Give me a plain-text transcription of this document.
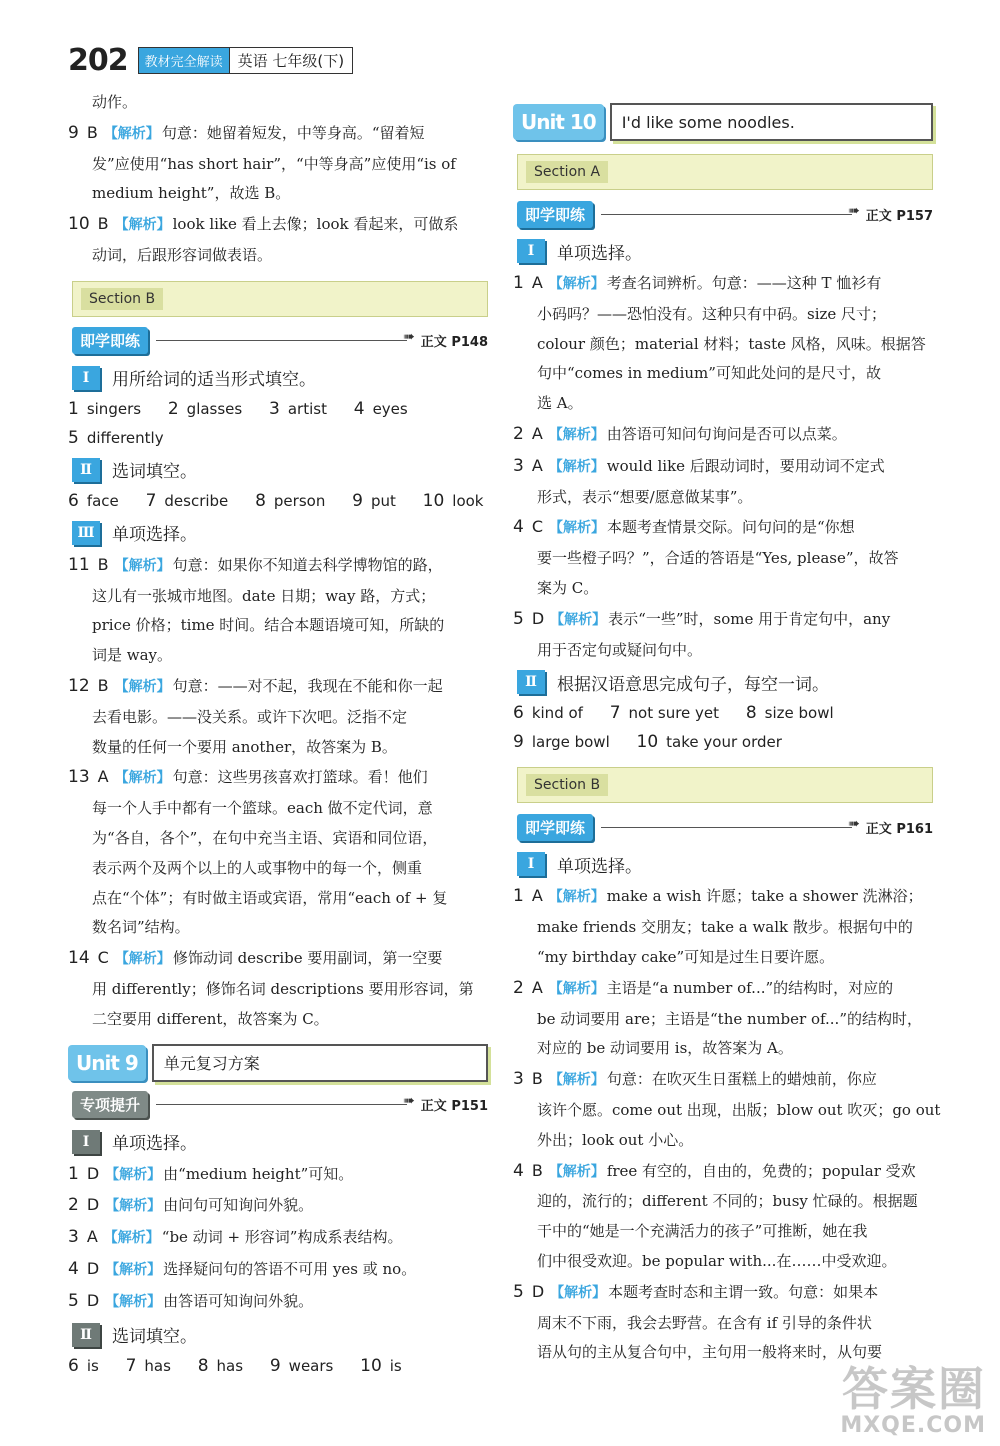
202	教材完全解读	英语 七年级(下)
动作。
9 B 【解析】 句意：她留着短发，中等身高。“留着短
发”应使用“has short hair”，“中等身高”应使用“is of
medium height”，故选 B。
10 B 【解析】 look like 看上去像；look 看起来，可做系
动词，后跟形容词做表语。
Section B
即学即练 ➠	正文 P148
Ⅰ	用所给词的适当形式填空。
1 singers 2 glasses 3 artist 4 eyes
5 differently
Ⅱ	选词填空。
6 face 7 describe 8 person 9 put 10 look
Ⅲ	单项选择。
11 B 【解析】 句意：如果你不知道去科学博物馆的路，
这儿有一张城市地图。date 日期；way 路，方式；
price 价格；time 时间。结合本题语境可知，所缺的
词是 way。
12 B 【解析】 句意：——对不起，我现在不能和你一起
去看电影。——没关系。或许下次吧。泛指不定
数量的任何一个要用 another，故答案为 B。
13 A 【解析】 句意：这些男孩喜欢打篮球。看！他们
每一个人手中都有一个篮球。each 做不定代词，意
为“各自，各个”，在句中充当主语、宾语和同位语，
表示两个及两个以上的人或事物中的每一个，侧重
点在“个体”；有时做主语或宾语，常用“each of + 复
数名词”结构。
14 C 【解析】 修饰动词 describe 要用副词，第一空要
用 differently；修饰名词 descriptions 要用形容词，第
二空要用 different，故答案为 C。
Unit 9	单元复习方案
专项提升 ➠	正文 P151
Ⅰ	单项选择。
1 D 【解析】 由“medium height”可知。
2 D 【解析】 由问句可知询问外貌。
3 A 【解析】 “be 动词 + 形容词”构成系表结构。
4 D 【解析】 选择疑问句的答语不可用 yes 或 no。
5 D 【解析】 由答语可知询问外貌。
Ⅱ	选词填空。
6 is 7 has 8 has 9 wears 10 is
Unit 10	I'd like some noodles.
Section A
即学即练 ➠	正文 P157
Ⅰ	单项选择。
1 A 【解析】 考查名词辨析。句意：——这种 T 恤衫有
小码吗？——恐怕没有。这种只有中码。size 尺寸；
colour 颜色；material 材料；taste 风格，风味。根据答
句中“comes in medium”可知此处问的是尺寸，故
选 A。
2 A 【解析】 由答语可知问句询问是否可以点菜。
3 A 【解析】 would like 后跟动词时，要用动词不定式
形式，表示“想要/愿意做某事”。
4 C 【解析】 本题考查情景交际。问句问的是“你想
要一些橙子吗？”，合适的答语是“Yes, please”，故答
案为 C。
5 D 【解析】 表示“一些”时，some 用于肯定句中，any
用于否定句或疑问句中。
Ⅱ	根据汉语意思完成句子，每空一词。
6 kind of 7 not sure yet 8 size bowl
9 large bowl 10 take your order
Section B
即学即练 ➠	正文 P161
Ⅰ	单项选择。
1 A 【解析】 make a wish 许愿；take a shower 洗淋浴；
make friends 交朋友；take a walk 散步。根据句中的
“my birthday cake”可知是过生日要许愿。
2 A 【解析】 主语是“a number of...”的结构时，对应的
be 动词要用 are；主语是“the number of...”的结构时，
对应的 be 动词要用 is，故答案为 A。
3 B 【解析】 句意：在吹灭生日蛋糕上的蜡烛前，你应
该许个愿。come out 出现，出版；blow out 吹灭；go out
外出；look out 小心。
4 B 【解析】 free 有空的，自由的，免费的；popular 受欢
迎的，流行的；different 不同的；busy 忙碌的。根据题
干中的“她是一个充满活力的孩子”可推断，她在我
们中很受欢迎。be popular with...在……中受欢迎。
5 D 【解析】 本题考查时态和主谓一致。句意：如果本
周末不下雨，我会去野营。在含有 if 引导的条件状
语从句的主从复合句中，主句用一般将来时，从句要
答案圈
MXQE.COM
